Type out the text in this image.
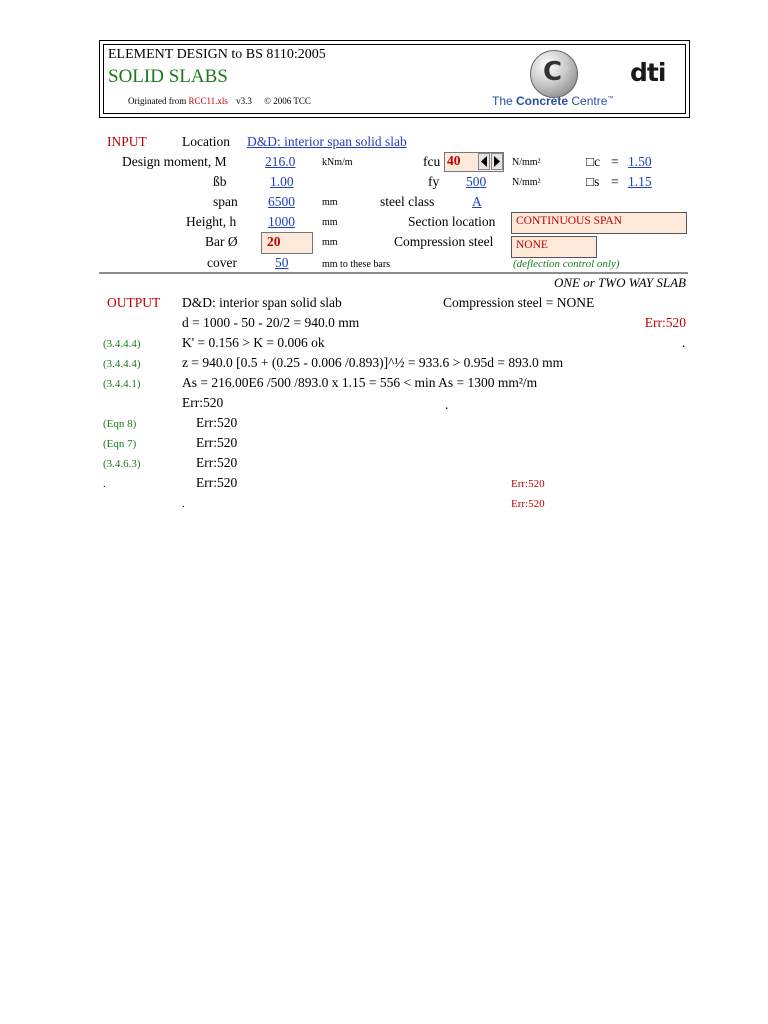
ELEMENT DESIGN to BS 8110:2005
SOLID SLABS
Originated from RCC11.xls v3.3 © 2006 TCC
C
The Concrete Centre™
dti
INPUT	Location D&D: interior span solid slab
Design moment, M	216.0	kNm/m	fcu 40	N/mm²	□c = 1.50
ßb	1.00	fy 500	N/mm²	□s = 1.15
span 6500	mm	steel class	A
Height, h 1000	mm	Section location	CONTINUOUS SPAN
Bar Ø 20	mm	Compression steel	NONE
cover	50	mm to these bars	(deflection control only)
ONE or TWO WAY SLAB
OUTPUT D&D: interior span solid slab	Compression steel = NONE
d = 1000 - 50 - 20/2 = 940.0 mm	Err:520
(3.4.4.4)	K' = 0.156 > K = 0.006 ok	.
(3.4.4.4)	z = 940.0 [0.5 + (0.25 - 0.006 /0.893)]^½ = 933.6 > 0.95d = 893.0 mm
(3.4.4.1)	As = 216.00E6 /500 /893.0 x 1.15 = 556 < min As = 1300 mm²/m
Err:520	.
(Eqn 8)	Err:520
(Eqn 7)	Err:520
(3.4.6.3)	Err:520
.	Err:520	Err:520
.	Err:520
